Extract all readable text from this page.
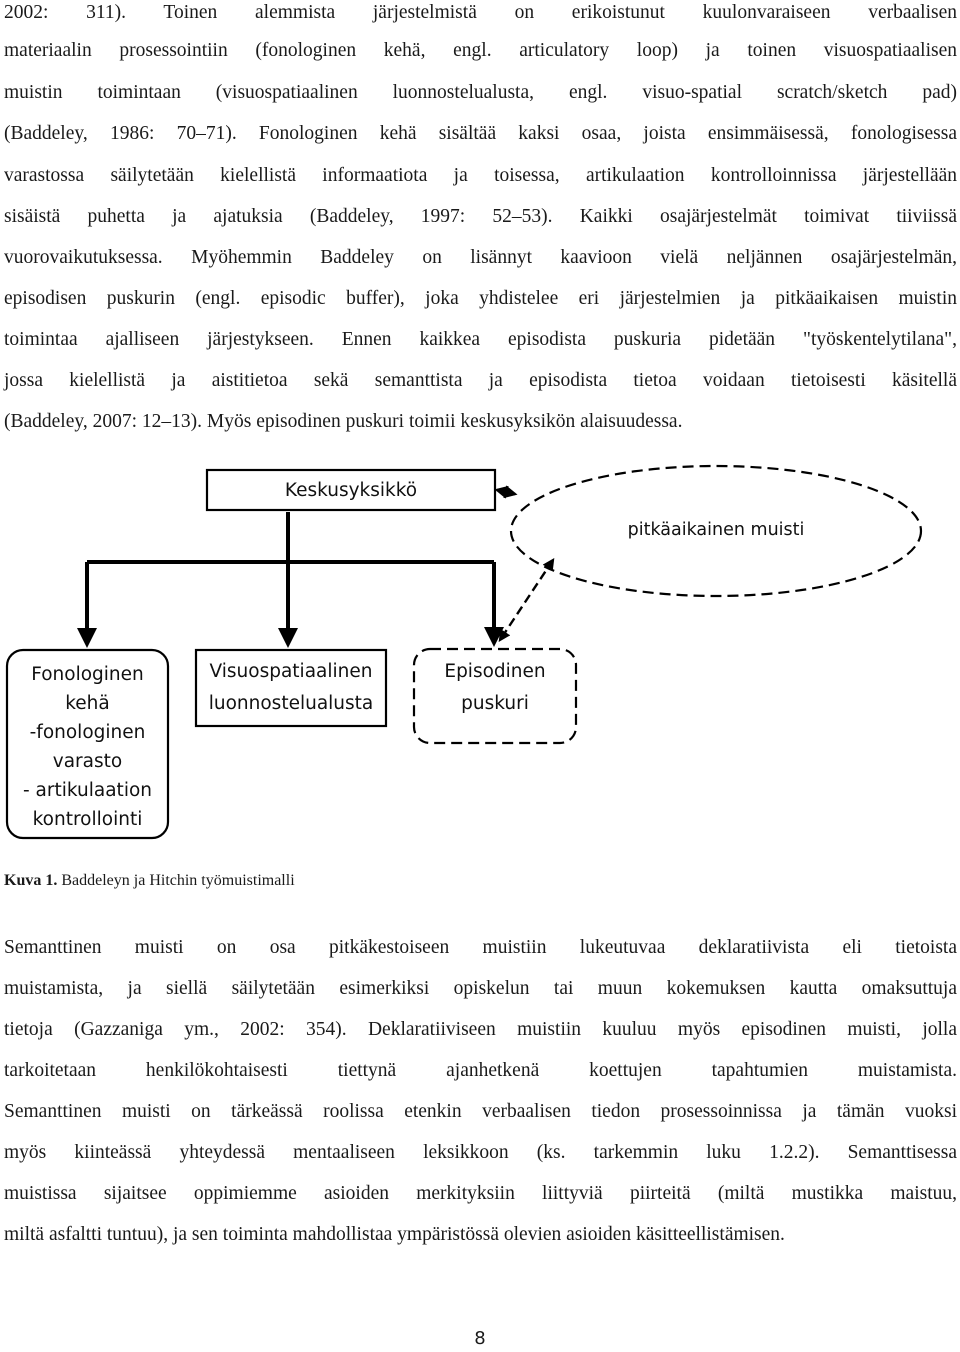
2002: 311). Toinen alemmista järjestelmistä on erikoistunut kuulonvaraiseen verbaalisen
materiaalin prosessointiin (fonologinen kehä, engl. articulatory loop) ja toinen visuospatiaalisen
muistin toimintaan (visuospatiaalinen luonnostelualusta, engl. visuo-spatial scratch/sketch pad)
(Baddeley, 1986: 70–71). Fonologinen kehä sisältää kaksi osaa, joista ensimmäisessä, fonologisessa
varastossa säilytetään kielellistä informaatiota ja toisessa, artikulaation kontrolloinnissa järjestellään
sisäistä puhetta ja ajatuksia (Baddeley, 1997: 52–53). Kaikki osajärjestelmät toimivat tiiviissä
vuorovaikutuksessa. Myöhemmin Baddeley on lisännyt kaavioon vielä neljännen osajärjestelmän,
episodisen puskurin (engl. episodic buffer), joka yhdistelee eri järjestelmien ja pitkäaikaisen muistin
toimintaa ajalliseen järjestykseen. Ennen kaikkea episodista puskuria pidetään "työskentelytilana",
jossa kielellistä ja aistitietoa sekä semanttista ja episodista tietoa voidaan tietoisesti käsitellä
(Baddeley, 2007: 12–13). Myös episodinen puskuri toimii keskusyksikön alaisuudessa.
Keskusyksikkö
pitkäaikainen muisti
Fonologinen
kehä
-fonologinen
varasto
- artikulaation
kontrollointi
Visuospatiaalinen
luonnostelualusta
Episodinen
puskuri
Kuva 1. Baddeleyn ja Hitchin työmuistimalli
Semanttinen muisti on osa pitkäkestoiseen muistiin lukeutuvaa deklaratiivista eli tietoista
muistamista, ja siellä säilytetään esimerkiksi opiskelun tai muun kokemuksen kautta omaksuttuja
tietoja (Gazzaniga ym., 2002: 354). Deklaratiiviseen muistiin kuuluu myös episodinen muisti, jolla
tarkoitetaan henkilökohtaisesti tiettynä ajanhetkenä koettujen tapahtumien muistamista.
Semanttinen muisti on tärkeässä roolissa etenkin verbaalisen tiedon prosessoinnissa ja tämän vuoksi
myös kiinteässä yhteydessä mentaaliseen leksikkoon (ks. tarkemmin luku 1.2.2). Semanttisessa
muistissa sijaitsee oppimiemme asioiden merkityksiin liittyviä piirteitä (miltä mustikka maistuu,
miltä asfaltti tuntuu), ja sen toiminta mahdollistaa ympäristössä olevien asioiden käsitteellistämisen.
8
